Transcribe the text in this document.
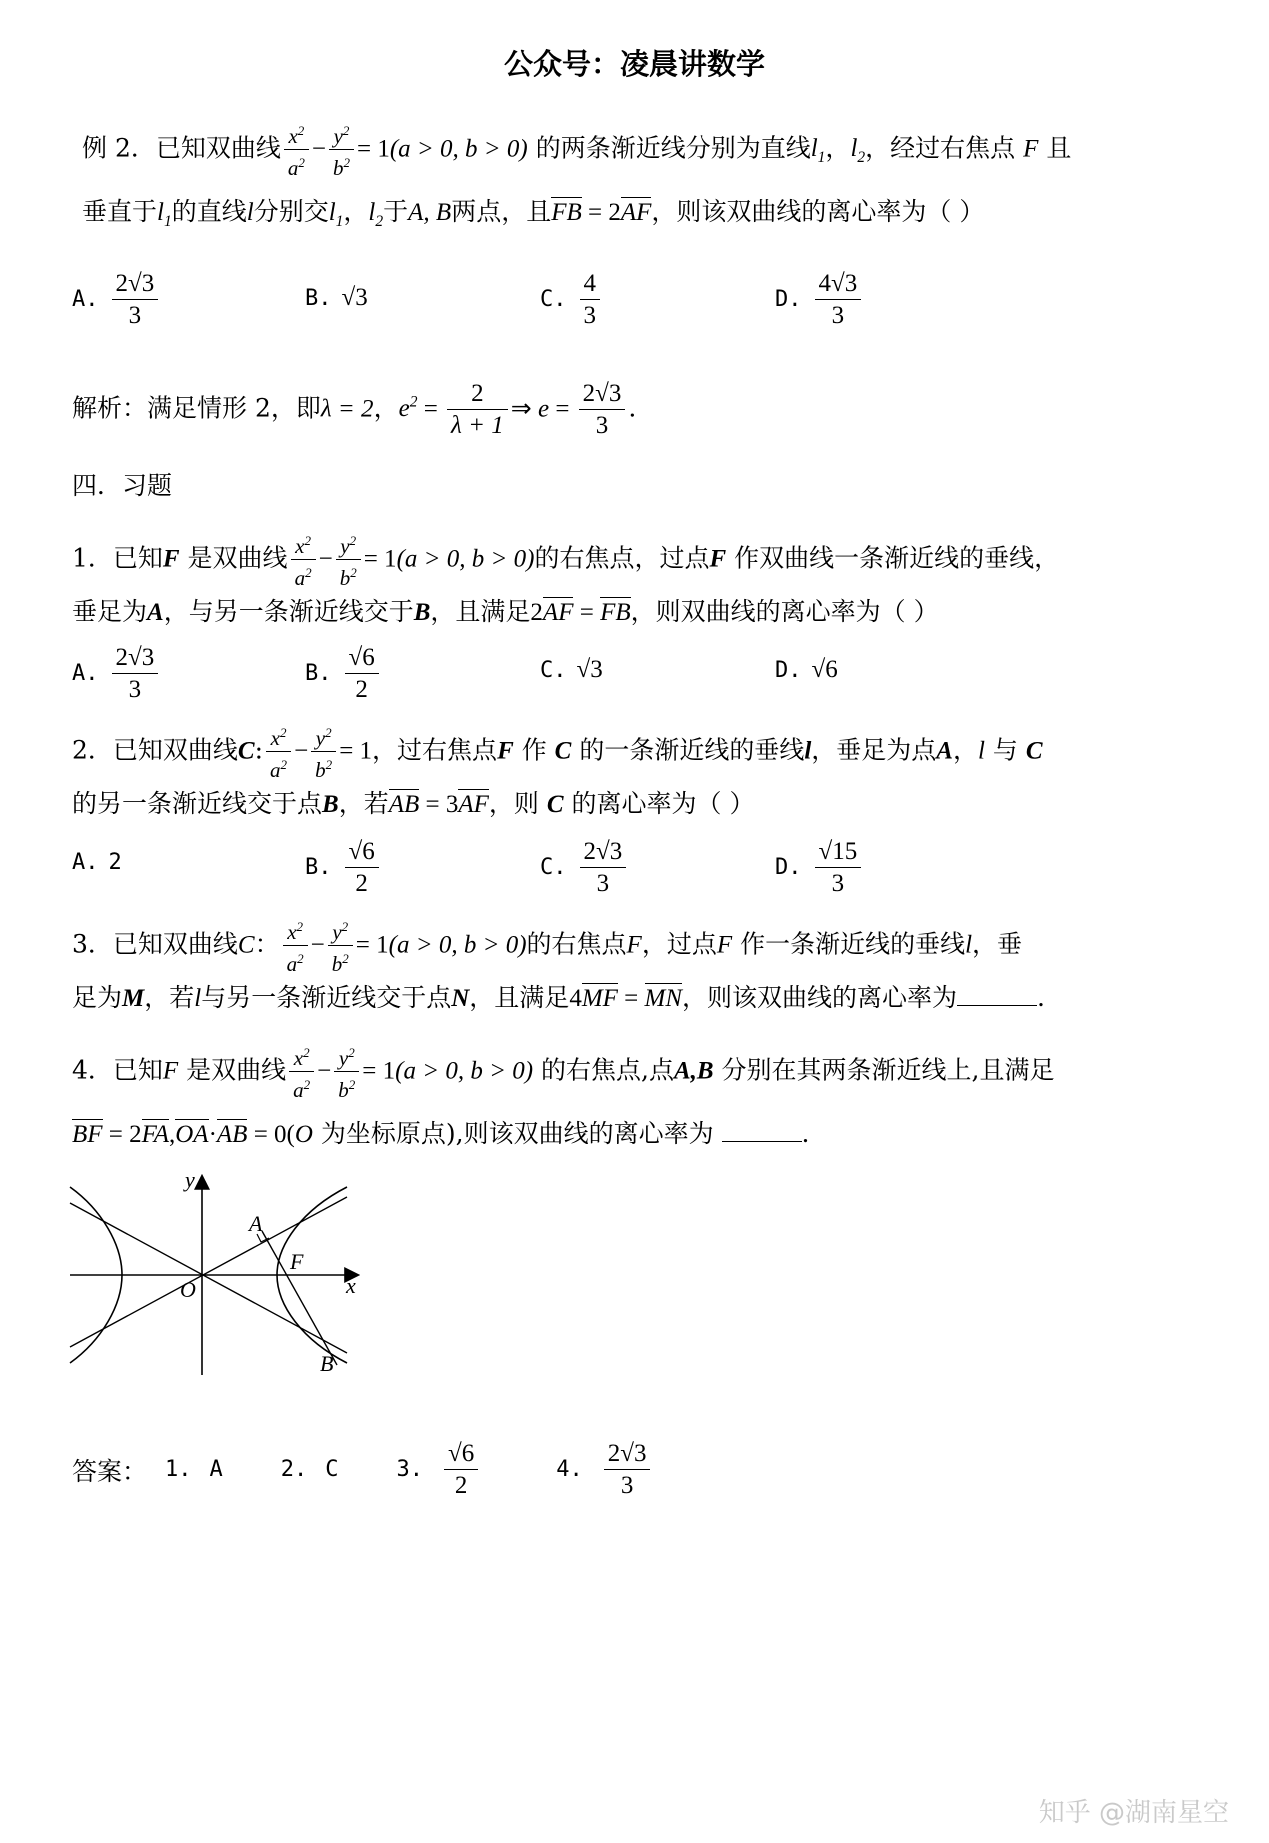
公众号：凌晨讲数学
例 2．已知双曲线 $\frac{x^2}{a^2} - \frac{y^2}{b^2} = 1(a > 0$, b > 0) 的两条渐近线分别为直线$l_1$，$l_2$，经过右焦点 F 且
垂直于$l_1$的直线l分别交$l_1$，$l_2$于A, B两点，且FB = 2AF，则该双曲线的离心率为（ ）
A. $\frac{2√3}{3}$	B. √3	C. $\frac{4}{3}$	D. $\frac{4√3}{3}$
解析：满足情形 2，即λ = 2，$e^2 = \frac{2}{\lambda + 1}$ ⇒ $e = \frac{2√3}{3}$ .
四．习题
1．已知F 是双曲线 $\frac{x^2}{a^2} - \frac{y^2}{b^2} = 1(a > 0$, b > 0)的右焦点，过点F 作双曲线一条渐近线的垂线，
垂足为A，与另一条渐近线交于B，且满足2AF = FB，则双曲线的离心率为（ ）
A. $\frac{2√3}{3}$	B. $\frac{√6}{2}$	C. √3	D. √6
2．已知双曲线C: $\frac{x^2}{a^2} - \frac{y^2}{b^2} = 1$，过右焦点F 作 C 的一条渐近线的垂线l，垂足为点A，l 与 C
的另一条渐近线交于点B，若AB = 3AF，则 C 的离心率为（ ）
A. 2	B. $\frac{√6}{2}$	C. $\frac{2√3}{3}$	D. $\frac{√15}{3}$
3．已知双曲线C： $\frac{x^2}{a^2} - \frac{y^2}{b^2} = 1(a > 0$, b > 0)的右焦点F，过点F 作一条渐近线的垂线l，垂
足为M，若l与另一条渐近线交于点N，且满足4MF = MN，则该双曲线的离心率为	.
4．已知F 是双曲线 $\frac{x^2}{a^2} - \frac{y^2}{b^2} = 1(a > 0$, b > 0) 的右焦点,点A,B 分别在其两条渐近线上,且满足
BF = 2FA,OA·AB = 0(O 为坐标原点),则该双曲线的离心率为	.
y
x
A
F
O
B
答案： 1. A	2. C	3. $\frac{√6}{2}$	4. $\frac{2√3}{3}$
知乎 @湖南星空
